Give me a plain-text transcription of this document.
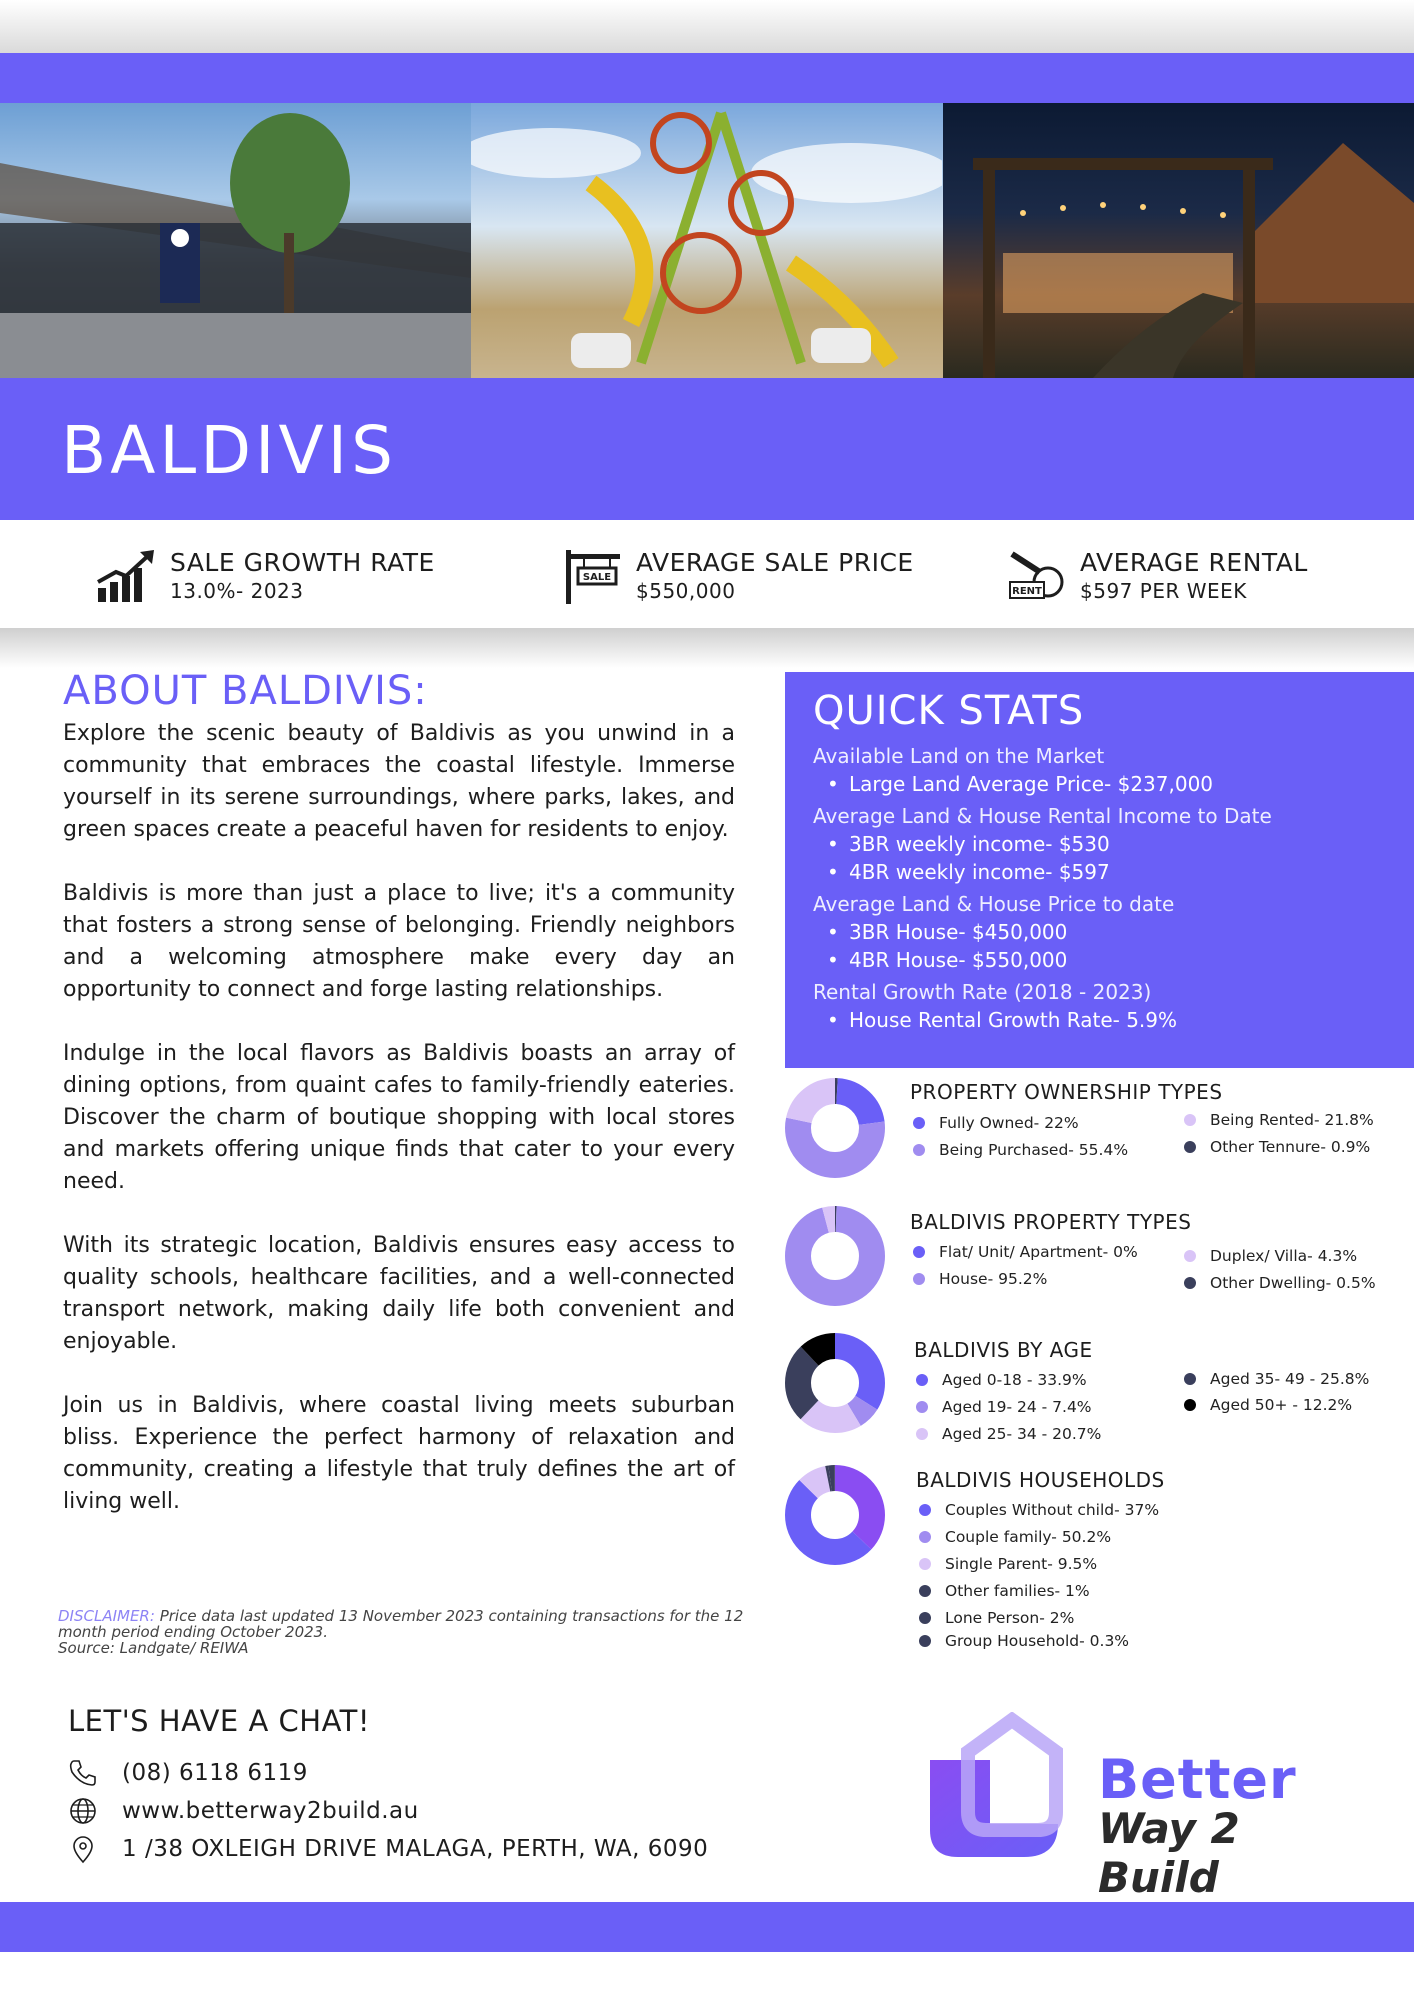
BALDIVIS
SALE GROWTH RATE
13.0%- 2023
SALE
AVERAGE SALE PRICE
$550,000	RENT
AVERAGE RENTAL
$597 PER WEEK
ABOUT BALDIVIS:

Explore the scenic beauty of Baldivis as you unwind in a community that embraces the coastal lifestyle. Immerse yourself in its serene surroundings, where parks, lakes, and green spaces create a peaceful haven for residents to enjoy.

Baldivis is more than just a place to live; it's a community that fosters a strong sense of belonging. Friendly neighbors and a welcoming atmosphere make every day an opportunity to connect and forge lasting relationships.

Indulge in the local flavors as Baldivis boasts an array of dining options, from quaint cafes to family-friendly eateries. Discover the charm of boutique shopping with local stores and markets offering unique finds that cater to your every need.

With its strategic location, Baldivis ensures easy access to quality schools, healthcare facilities, and a well-connected transport network, making daily life both convenient and enjoyable.

Join us in Baldivis, where coastal living meets suburban bliss. Experience the perfect harmony of relaxation and community, creating a lifestyle that truly defines the art of living well.

DISCLAIMER: Price data last updated 13 November 2023 containing transactions for the 12 month period ending October 2023.
Source: Landgate/ REIWA
QUICK STATS
Available Land on the Market
• Large Land Average Price- $237,000
Average Land & House Rental Income to Date
• 3BR weekly income- $530
• 4BR weekly income- $597
Average Land & House Price to date
• 3BR House- $450,000
• 4BR House- $550,000
Rental Growth Rate (2018 - 2023)
• House Rental Growth Rate- 5.9%
PROPERTY OWNERSHIP TYPES
Fully Owned- 22%
Being Purchased- 55.4%
Being Rented- 21.8%
Other Tennure- 0.9%
BALDIVIS PROPERTY TYPES
Flat/ Unit/ Apartment- 0%
House- 95.2%
Duplex/ Villa- 4.3%
Other Dwelling- 0.5%
BALDIVIS BY AGE
Aged 0-18 - 33.9%
Aged 19- 24 - 7.4%
Aged 25- 34 - 20.7%
Aged 35- 49 - 25.8%
Aged 50+ - 12.2%
BALDIVIS HOUSEHOLDS
Couples Without child- 37%
Couple family- 50.2%
Single Parent- 9.5%
Other families- 1%
Lone Person- 2%
Group Household- 0.3%
LET'S HAVE A CHAT!
(08) 6118 6119
www.betterway2build.au
1 /38 OXLEIGH DRIVE MALAGA, PERTH, WA, 6090
Better
Way 2 Build
